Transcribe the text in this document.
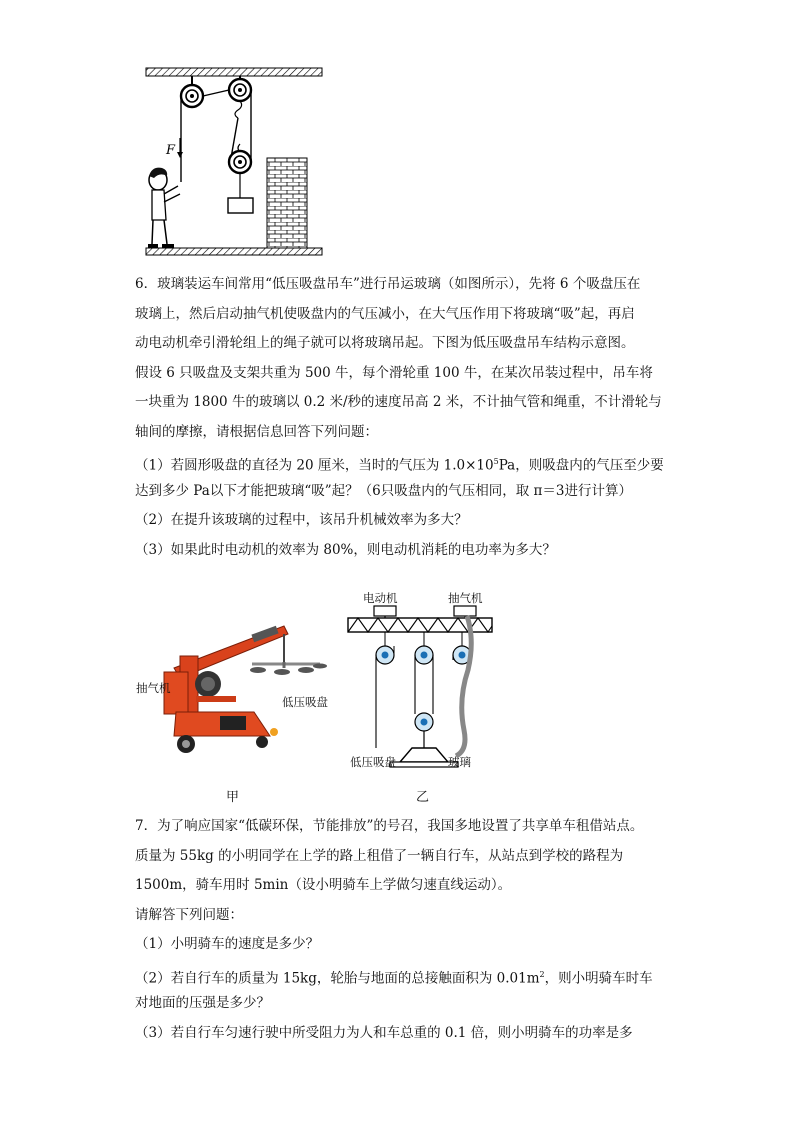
F
6．玻璃装运车间常用“低压吸盘吊车”进行吊运玻璃（如图所示），先将 6 个吸盘压在
玻璃上，然后启动抽气机使吸盘内的气压减小，在大气压作用下将玻璃“吸”起，再启
动电动机牵引滑轮组上的绳子就可以将玻璃吊起。下图为低压吸盘吊车结构示意图。
假设 6 只吸盘及支架共重为 500 牛，每个滑轮重 100 牛，在某次吊装过程中，吊车将
一块重为 1800 牛的玻璃以 0.2 米/秒的速度吊高 2 米，不计抽气管和绳重，不计滑轮与
轴间的摩擦，请根据信息回答下列问题：
（1）若圆形吸盘的直径为 20 厘米，当时的气压为 $1.0\times 10^5Pa$，则吸盘内的气压至少要
达到多少 Pa以下才能把玻璃“吸”起？（6只吸盘内的气压相同，取 π＝3进行计算）
（2）在提升该玻璃的过程中，该吊升机械效率为多大？
（3）如果此时电动机的效率为 80%，则电动机消耗的电功率为多大？
抽气机
低压吸盘
电动机	抽气机
低压吸盘	玻璃
甲	乙
7．为了响应国家“低碳环保，节能排放”的号召，我国多地设置了共享单车租借站点。
质量为 55kg 的小明同学在上学的路上租借了一辆自行车，从站点到学校的路程为
1500m，骑车用时 5min（设小明骑车上学做匀速直线运动）。
请解答下列问题：
（1）小明骑车的速度是多少？
（2）若自行车的质量为 15kg，轮胎与地面的总接触面积为 $0.01m^2$，则小明骑车时车
对地面的压强是多少？
（3）若自行车匀速行驶中所受阻力为人和车总重的 0.1 倍，则小明骑车的功率是多
